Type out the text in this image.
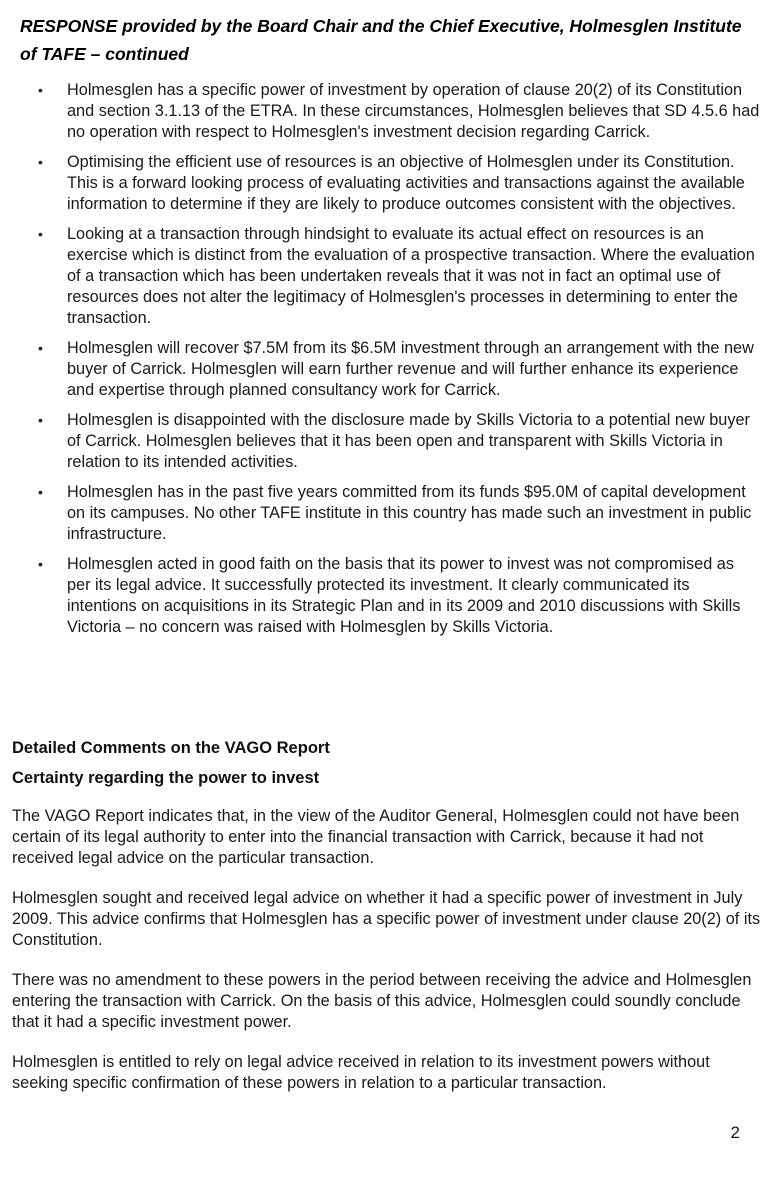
RESPONSE provided by the Board Chair and the Chief Executive, Holmesglen Institute of TAFE – continued
• Holmesglen has a specific power of investment by operation of clause 20(2) of its Constitution and section 3.1.13 of the ETRA. In these circumstances, Holmesglen believes that SD 4.5.6 had no operation with respect to Holmesglen's investment decision regarding Carrick.
• Optimising the efficient use of resources is an objective of Holmesglen under its Constitution. This is a forward looking process of evaluating activities and transactions against the available information to determine if they are likely to produce outcomes consistent with the objectives.
• Looking at a transaction through hindsight to evaluate its actual effect on resources is an exercise which is distinct from the evaluation of a prospective transaction. Where the evaluation of a transaction which has been undertaken reveals that it was not in fact an optimal use of resources does not alter the legitimacy of Holmesglen's processes in determining to enter the transaction.
• Holmesglen will recover $7.5M from its $6.5M investment through an arrangement with the new buyer of Carrick. Holmesglen will earn further revenue and will further enhance its experience and expertise through planned consultancy work for Carrick.
• Holmesglen is disappointed with the disclosure made by Skills Victoria to a potential new buyer of Carrick. Holmesglen believes that it has been open and transparent with Skills Victoria in relation to its intended activities.
• Holmesglen has in the past five years committed from its funds $95.0M of capital development on its campuses. No other TAFE institute in this country has made such an investment in public infrastructure.
• Holmesglen acted in good faith on the basis that its power to invest was not compromised as per its legal advice. It successfully protected its investment. It clearly communicated its intentions on acquisitions in its Strategic Plan and in its 2009 and 2010 discussions with Skills Victoria – no concern was raised with Holmesglen by Skills Victoria.
Detailed Comments on the VAGO Report
Certainty regarding the power to invest

The VAGO Report indicates that, in the view of the Auditor General, Holmesglen could not have been certain of its legal authority to enter into the financial transaction with Carrick, because it had not received legal advice on the particular transaction.

Holmesglen sought and received legal advice on whether it had a specific power of investment in July 2009. This advice confirms that Holmesglen has a specific power of investment under clause 20(2) of its Constitution.

There was no amendment to these powers in the period between receiving the advice and Holmesglen entering the transaction with Carrick. On the basis of this advice, Holmesglen could soundly conclude that it had a specific investment power.

Holmesglen is entitled to rely on legal advice received in relation to its investment powers without seeking specific confirmation of these powers in relation to a particular transaction.

2
